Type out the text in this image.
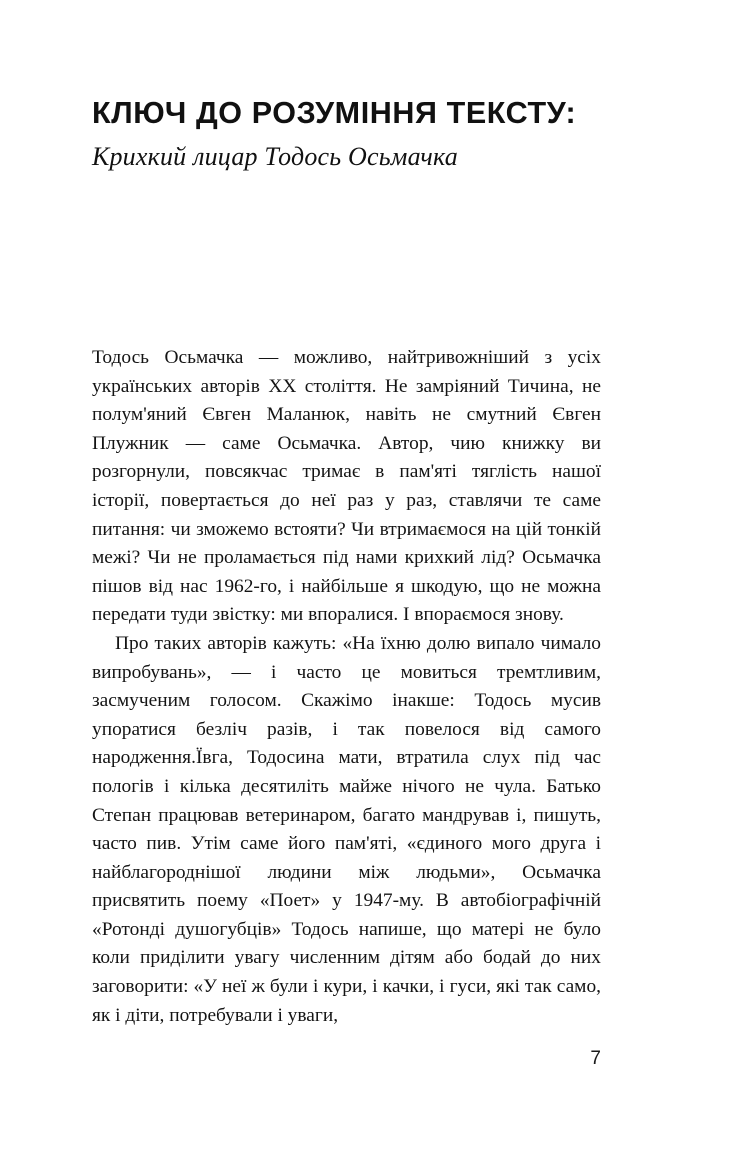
КЛЮЧ ДО РОЗУМІННЯ ТЕКСТУ:
Крихкий лицар Тодось Осьмачка

Тодось Осьмачка — можливо, найтривожніший з усіх українських авторів XX століття. Не замріяний Тичина, не полум'яний Євген Маланюк, навіть не смутний Євген Плужник — саме Осьмачка. Автор, чию книжку ви розгорнули, повсякчас тримає в пам'яті тяглість нашої історії, повертається до неї раз у раз, ставлячи те саме питання: чи зможемо встояти? Чи втримаємося на цій тонкій межі? Чи не проламається під нами крихкий лід? Осьмачка пішов від нас 1962-го, і найбільше я шкодую, що не можна передати туди звістку: ми впоралися. І впораємося знову.

Про таких авторів кажуть: «На їхню долю випало чимало випробувань», — і часто це мовиться тремтливим, засмученим голосом. Скажімо інакше: Тодось мусив упоратися безліч разів, і так повелося від самого народження.Ївга, Тодосина мати, втратила слух під час пологів і кілька десятиліть майже нічого не чула. Батько Степан працював ветеринаром, багато мандрував і, пишуть, часто пив. Утім саме його пам'яті, «єдиного мого друга і найблагороднішої людини між людьми», Осьмачка присвятить поему «Поет» у 1947-му. В автобіографічній «Ротонді душогубців» Тодось напише, що матері не було коли приділити увагу численним дітям або бодай до них заговорити: «У неї ж були і кури, і качки, і гуси, які так само, як і діти, потребували і уваги,

7
